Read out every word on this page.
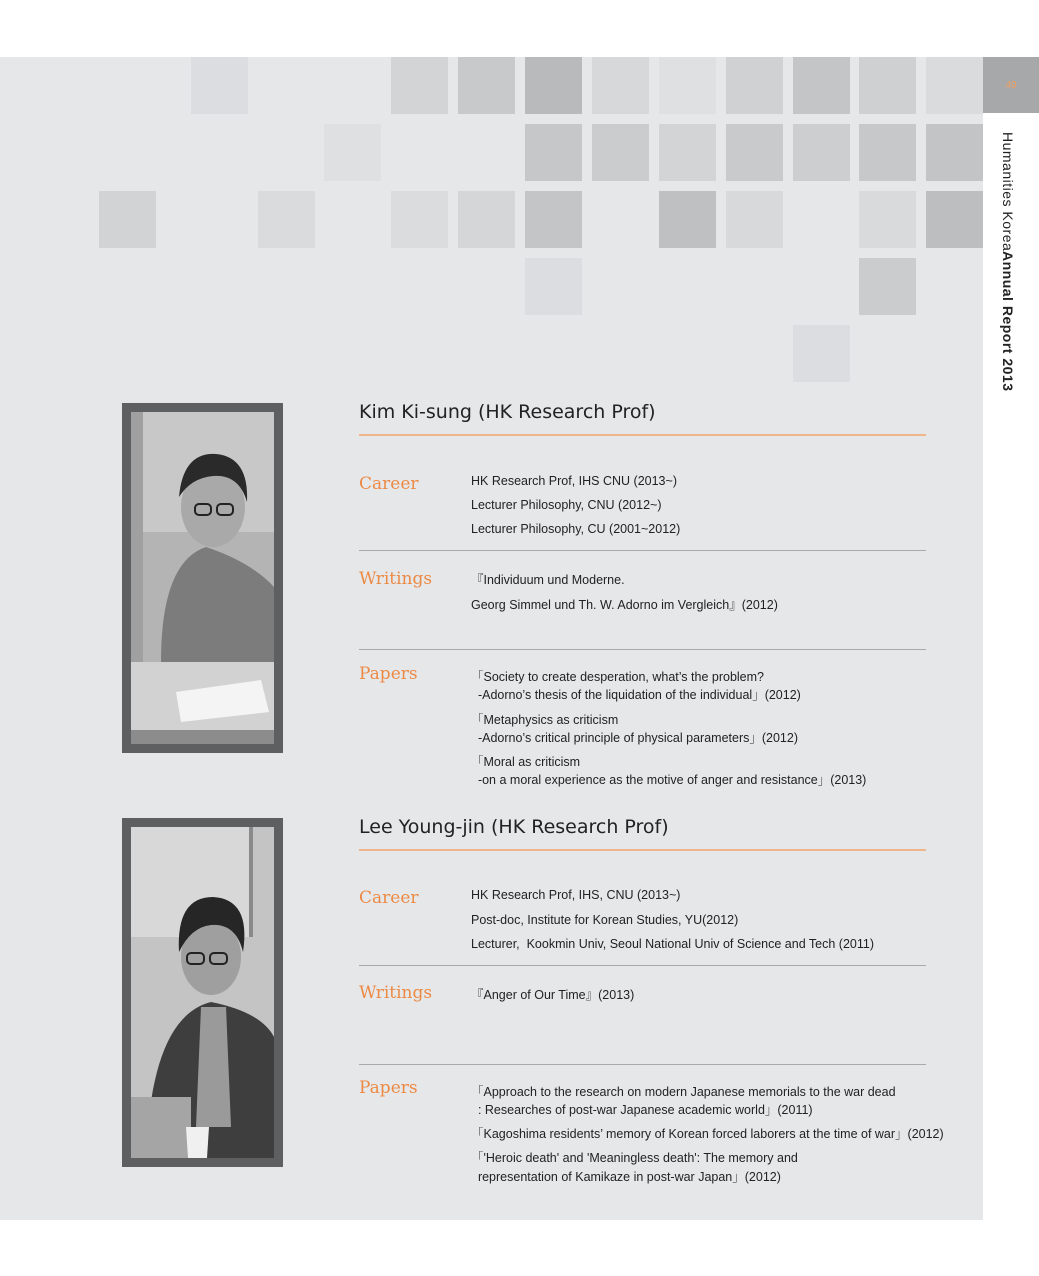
49
Humanities KoreaAnnual Report 2013
Kim Ki-sung (HK Research Prof)
Career	HK Research Prof, IHS CNU (2013~)
Lecturer Philosophy, CNU (2012~)
Lecturer Philosophy, CU (2001~2012)
Writings	『Individuum und Moderne.
Georg Simmel und Th. W. Adorno im Vergleich』(2012)
Papers	「Society to create desperation, what’s the problem?
-Adorno’s thesis of the liquidation of the individual」(2012)
「Metaphysics as criticism
-Adorno’s critical principle of physical parameters」(2012)
「Moral as criticism
-on a moral experience as the motive of anger and resistance」(2013)
Lee Young-jin (HK Research Prof)
Career	HK Research Prof, IHS, CNU (2013~)
Post-doc, Institute for Korean Studies, YU(2012)
Lecturer,  Kookmin Univ, Seoul National Univ of Science and Tech (2011)
Writings	『Anger of Our Time』(2013)
Papers	「Approach to the research on modern Japanese memorials to the war dead
: Researches of post-war Japanese academic world」(2011)
「Kagoshima residents’ memory of Korean forced laborers at the time of war」(2012)
「'Heroic death' and 'Meaningless death': The memory and
representation of Kamikaze in post-war Japan」(2012)
